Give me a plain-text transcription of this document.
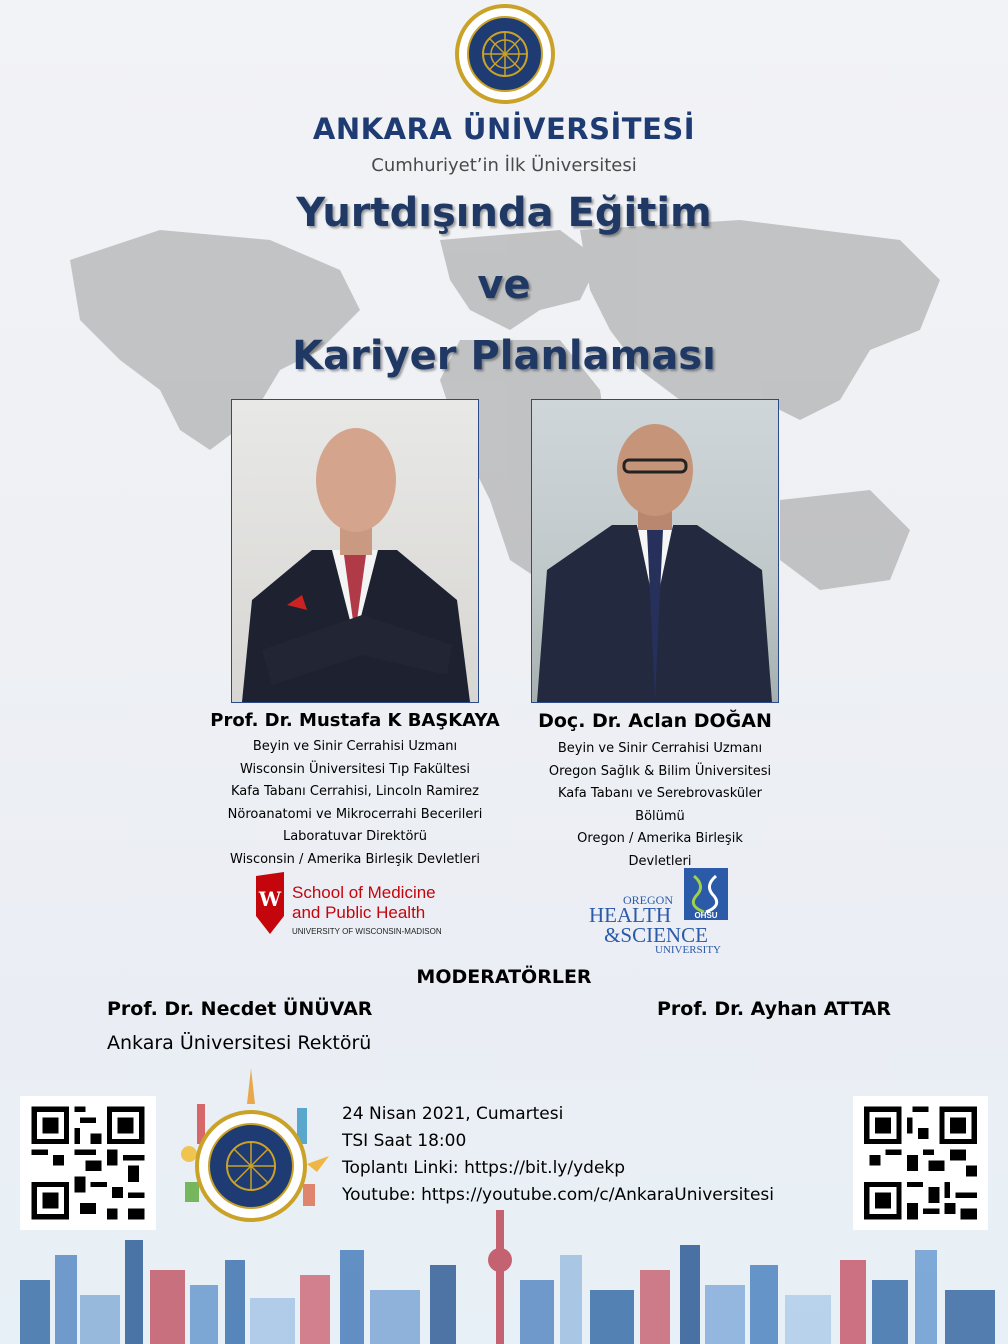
ANKARA ÜNİVERSİTESİ
Cumhuriyet’in İlk Üniversitesi
Yurtdışında Eğitim
ve
Kariyer Planlaması
Prof. Dr. Mustafa K BAŞKAYA
Beyin ve Sinir Cerrahisi Uzmanı
Wisconsin Üniversitesi Tıp Fakültesi
Kafa Tabanı Cerrahisi, Lincoln Ramirez
Nöroanatomi ve Mikrocerrahi Becerileri
Laboratuvar Direktörü
Wisconsin / Amerika Birleşik Devletleri
Doç. Dr. Aclan DOĞAN
Beyin ve Sinir Cerrahisi Uzmanı
Oregon Sağlık & Bilim Üniversitesi
Kafa Tabanı ve Serebrovasküler
Bölümü
Oregon / Amerika Birleşik
Devletleri
W School of Medicine
and Public Health
UNIVERSITY OF WISCONSIN-MADISON
OHSU
OREGON
HEALTH
&SCIENCE
UNIVERSITY
MODERATÖRLER
Prof. Dr. Necdet ÜNÜVAR
Ankara Üniversitesi Rektörü
Prof. Dr. Ayhan ATTAR
24 Nisan 2021, Cumartesi
TSI Saat 18:00
Toplantı Linki: https://bit.ly/ydekp
Youtube: https://youtube.com/c/AnkaraUniversitesi
